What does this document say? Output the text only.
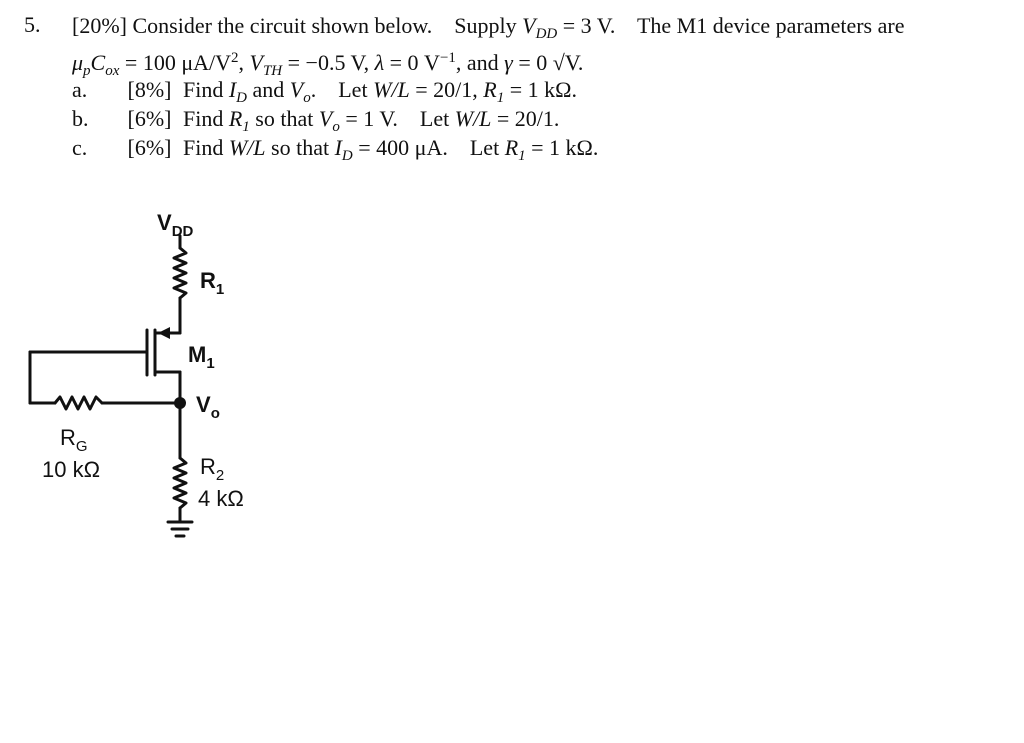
5. [20%] Consider the circuit shown below. Supply $V_{DD} = 3$ V. The M1 device parameters are
$\mu_pC_{ox} = 100$ $\mu A/V^2$, $V_{TH} = -0.5$ V, λ = 0 $V^{-1}$, and γ = 0 √V.
a. [8%] Find $I_D$ and $V_o$.    Let W/L = 20/1, $R_1 = 1$ kΩ.
b. [6%] Find $R_1$ so that $V_o = 1$ V. Let W/L = 20/1.
c. [6%] Find W/L so that $I_D = 400$ μA. Let $R_1 = 1$ kΩ.
$V_{DD}$
$R_1$
$M_1$
$V_o$
$R_G$
10 kΩ	$R_2$
4 kΩ
